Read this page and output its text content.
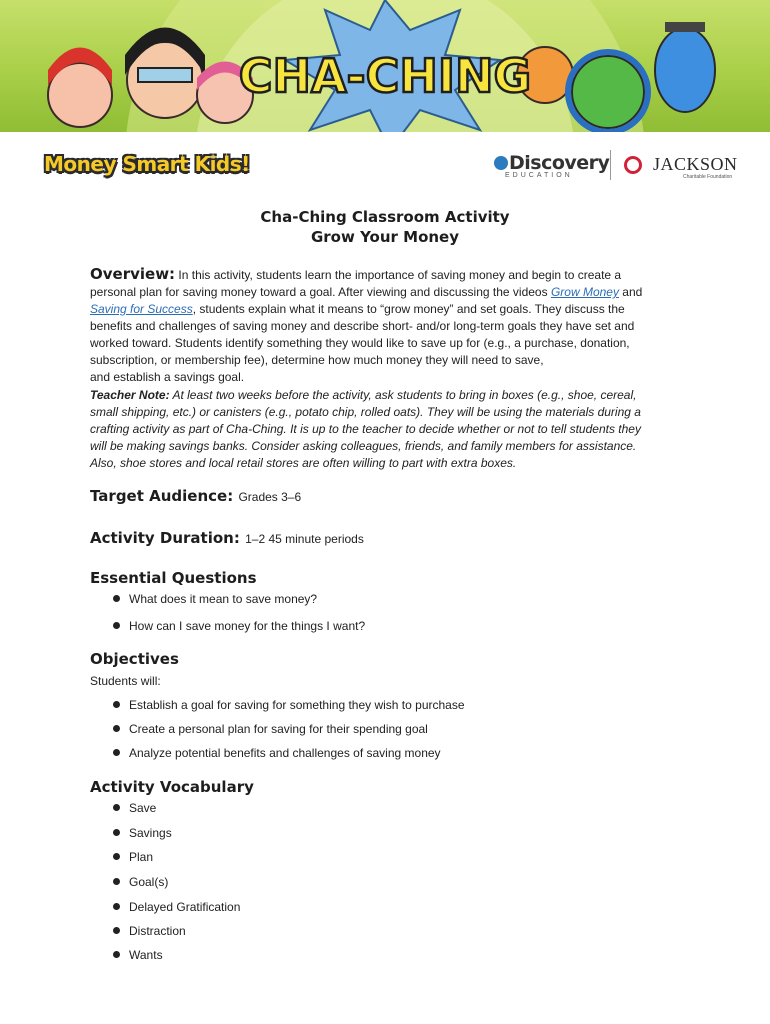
CHA-CHING
Money Smart Kids!	Discovery
EDUCATION
JACKSON
Charitable Foundation
Cha-Ching Classroom Activity
Grow Your Money
Overview: In this activity, students learn the importance of saving money and begin to create a
personal plan for saving money toward a goal. After viewing and discussing the videos Grow Money and
Saving for Success, students explain what it means to “grow money” and set goals. They discuss the
benefits and challenges of saving money and describe short- and/or long-term goals they have set and
worked toward. Students identify something they would like to save up for (e.g., a purchase, donation,
subscription, or membership fee), determine how much money they will need to save,
and establish a savings goal.
Teacher Note: At least two weeks before the activity, ask students to bring in boxes (e.g., shoe, cereal,
small shipping, etc.) or canisters (e.g., potato chip, rolled oats). They will be using the materials during a
crafting activity as part of Cha-Ching. It is up to the teacher to decide whether or not to tell students they
will be making savings banks. Consider asking colleagues, friends, and family members for assistance.
Also, shoe stores and local retail stores are often willing to part with extra boxes.
Target Audience: Grades 3–6
Activity Duration: 1–2 45 minute periods
Essential Questions
What does it mean to save money?
How can I save money for the things I want?
Objectives
Students will:
Establish a goal for saving for something they wish to purchase
Create a personal plan for saving for their spending goal
Analyze potential benefits and challenges of saving money
Activity Vocabulary
Save
Savings
Plan
Goal(s)
Delayed Gratification
Distraction
Wants
